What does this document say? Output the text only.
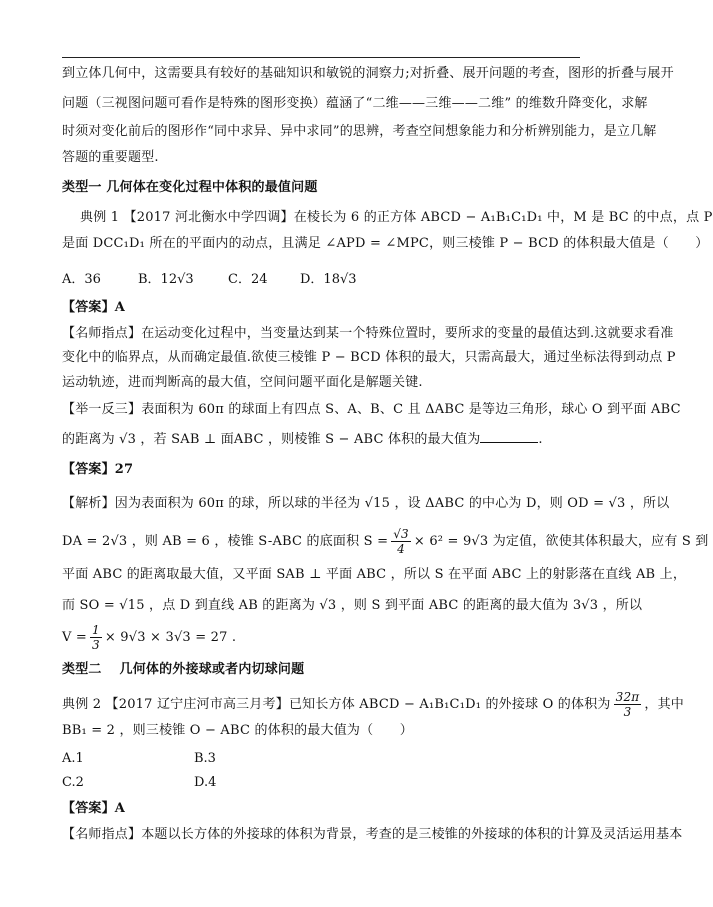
到立体几何中，这需要具有较好的基础知识和敏锐的洞察力;对折叠、展开问题的考查，图形的折叠与展开
问题（三视图问题可看作是特殊的图形变换）蕴涵了“二维——三维——二维” 的维数升降变化，求解
时须对变化前后的图形作“同中求异、异中求同”的思辨，考查空间想象能力和分析辨别能力，是立几解
答题的重要题型.
类型一 几何体在变化过程中体积的最值问题
典例 1 【2017 河北衡水中学四调】在棱长为 6 的正方体 ABCD − A₁B₁C₁D₁ 中，M 是 BC 的中点，点 P
是面 DCC₁D₁ 所在的平面内的动点，且满足 ∠APD = ∠MPC，则三棱锥 P − BCD 的体积最大值是（　　）
A．36	B．12√3	C．24	D．18√3
【答案】A
【名师指点】在运动变化过程中，当变量达到某一个特殊位置时，要所求的变量的最值达到.这就要求看准
变化中的临界点，从而确定最值.欲使三棱锥 P − BCD 体积的最大，只需高最大，通过坐标法得到动点 P
运动轨迹，进而判断高的最大值，空间问题平面化是解题关键.
【举一反三】表面积为 60π 的球面上有四点 S、A、B、C 且 ΔABC 是等边三角形，球心 O 到平面 ABC
的距离为 √3 ，若 SAB ⊥ 面ABC ，则棱锥 S − ABC 体积的最大值为	.
【答案】27
【解析】因为表面积为 60π 的球，所以球的半径为 √15 ，设 ΔABC 的中心为 D，则 OD = √3 ，所以
DA = 2√3 ，则 AB = 6 ，棱锥 S-ABC 的底面积 $S = \frac{√3}{4} \times 6^2 = 9√3$ 为定值，欲使其体积最大，应有 S 到
平面 ABC 的距离取最大值，又平面 SAB ⊥ 平面 ABC ，所以 S 在平面 ABC 上的射影落在直线 AB 上，
而 SO = √15 ，点 D 到直线 AB 的距离为 √3 ，则 S 到平面 ABC 的距离的最大值为 3√3 ，所以
$V = \frac{1}{3} \times 9√3 \times 3√3 = 27$ .
类型二　 几何体的外接球或者内切球问题
典例 2 【2017 辽宁庄河市高三月考】已知长方体 ABCD − A₁B₁C₁D₁ 的外接球 O 的体积为 $\frac{32\pi}{3}$ ，其中
BB₁ = 2 ，则三棱锥 O − ABC 的体积的最大值为（　　）
A.1	B.3
C.2	D.4
【答案】A
【名师指点】本题以长方体的外接球的体积为背景，考查的是三棱锥的外接球的体积的计算及灵活运用基本
